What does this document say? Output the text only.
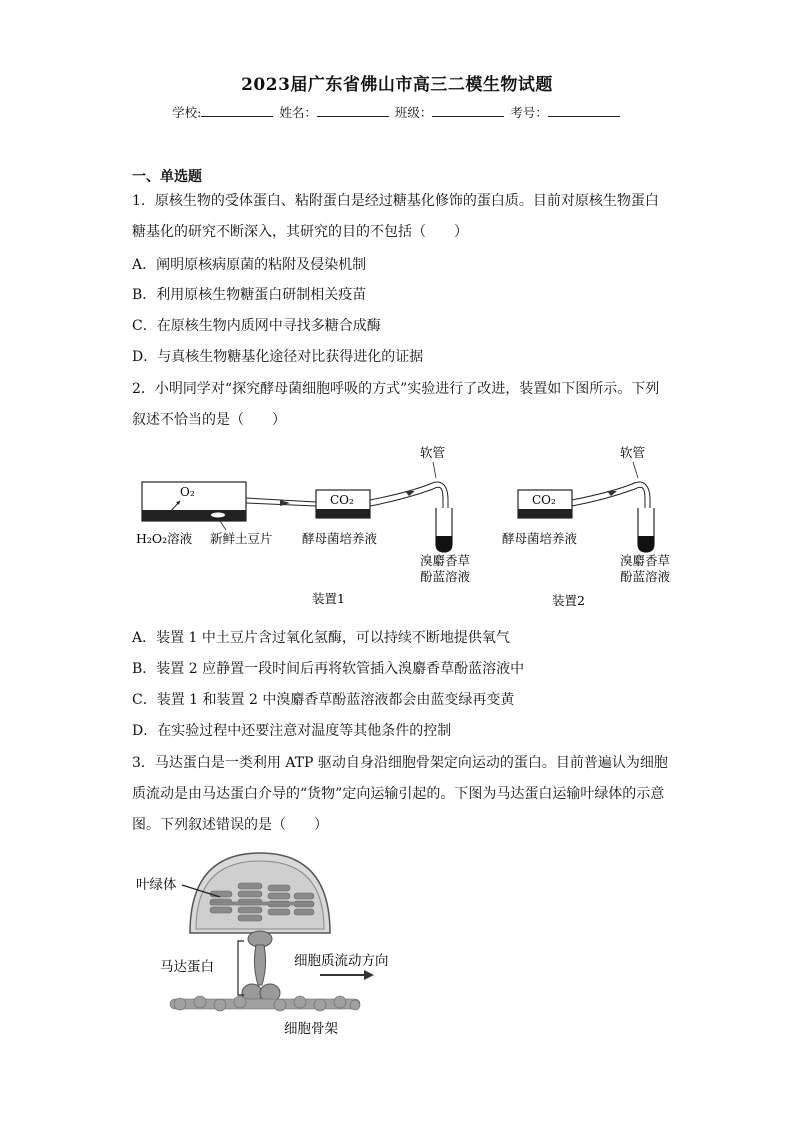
2023届广东省佛山市高三二模生物试题
学校:	姓名：	班级：	考号：
一、单选题
1．原核生物的受体蛋白、粘附蛋白是经过糖基化修饰的蛋白质。目前对原核生物蛋白
糖基化的研究不断深入，其研究的目的不包括（　　）
A．阐明原核病原菌的粘附及侵染机制
B．利用原核生物糖蛋白研制相关疫苗
C．在原核生物内质网中寻找多糖合成酶
D．与真核生物糖基化途径对比获得进化的证据
2．小明同学对“探究酵母菌细胞呼吸的方式”实验进行了改进，装置如下图所示。下列
叙述不恰当的是（　　）
O₂
CO₂
软管
CO₂
软管
H₂O₂溶液 新鲜土豆片 酵母菌培养液	酵母菌培养液
溴麝香草
酚蓝溶液
溴麝香草
酚蓝溶液
装置1	装置2
A．装置 1 中土豆片含过氧化氢酶，可以持续不断地提供氧气
B．装置 2 应静置一段时间后再将软管插入溴麝香草酚蓝溶液中
C．装置 1 和装置 2 中溴麝香草酚蓝溶液都会由蓝变绿再变黄
D．在实验过程中还要注意对温度等其他条件的控制
3．马达蛋白是一类利用 ATP 驱动自身沿细胞骨架定向运动的蛋白。目前普遍认为细胞
质流动是由马达蛋白介导的“货物”定向运输引起的。下图为马达蛋白运输叶绿体的示意
图。下列叙述错误的是（　　）
叶绿体
马达蛋白	细胞质流动方向
细胞骨架
